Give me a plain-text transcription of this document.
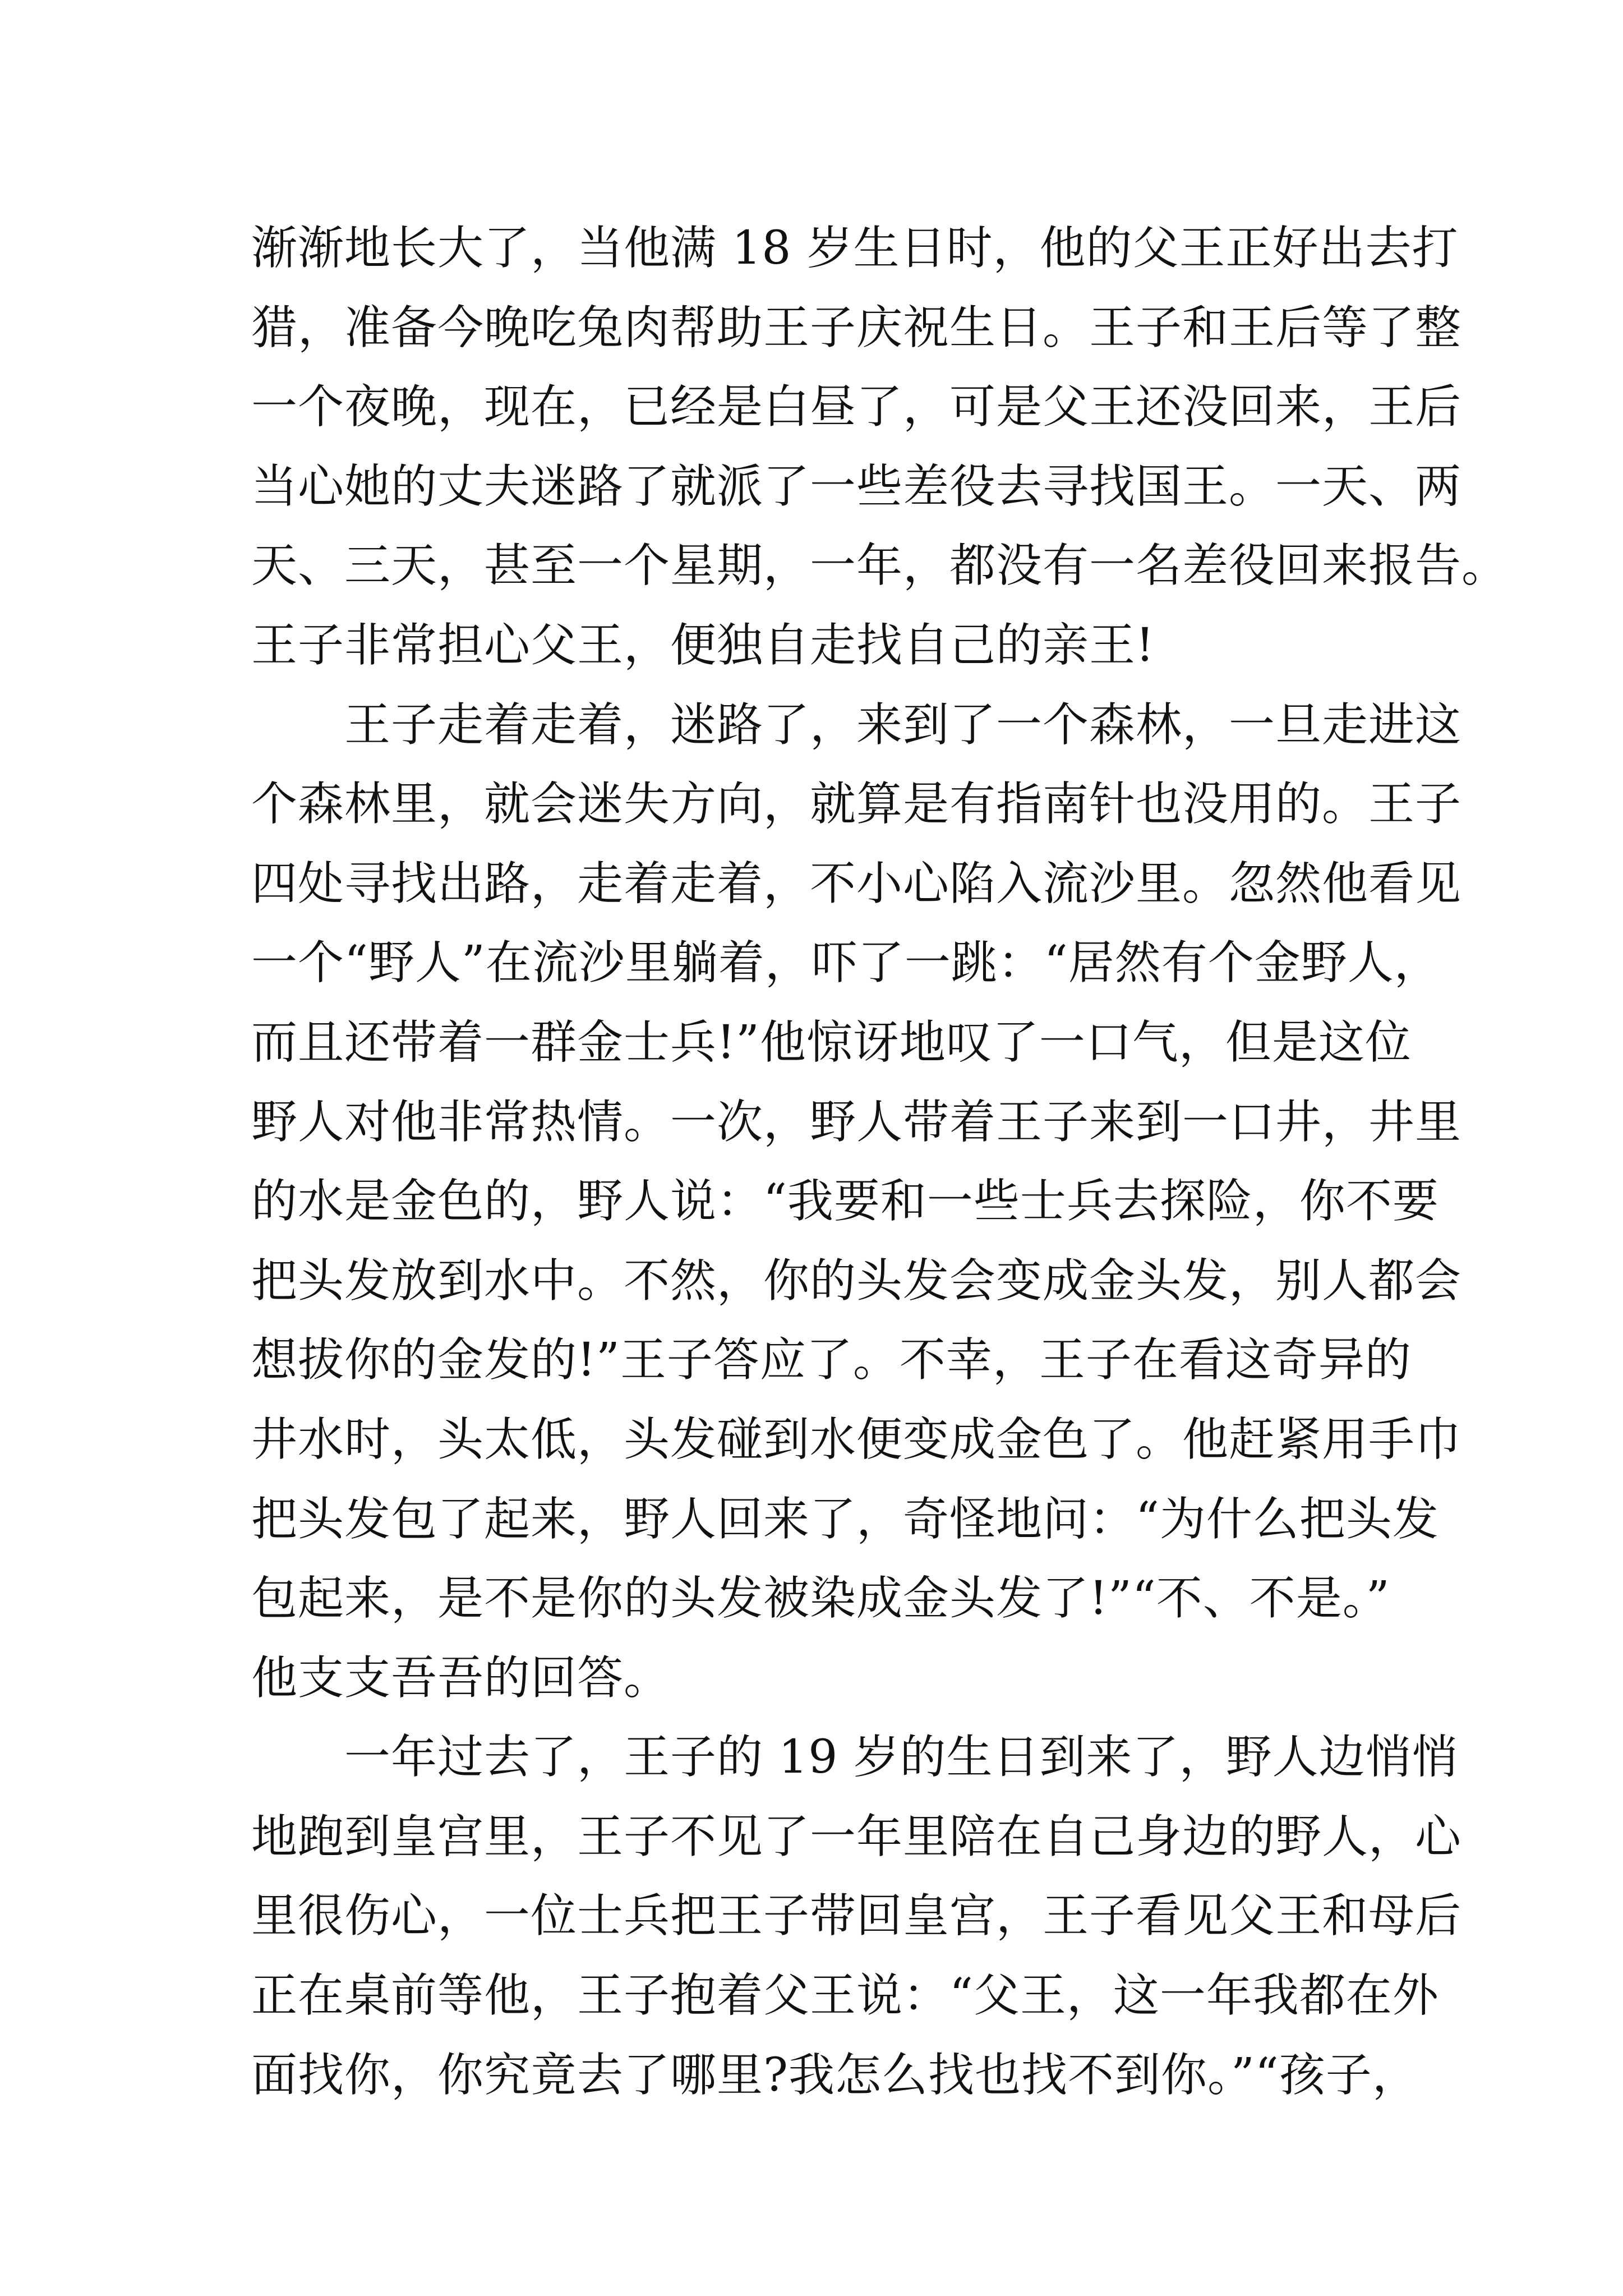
渐渐地长大了，当他满 18 岁生日时，他的父王正好出去打
猎，准备今晚吃兔肉帮助王子庆祝生日。王子和王后等了整
一个夜晚，现在，已经是白昼了，可是父王还没回来，王后
当心她的丈夫迷路了就派了一些差役去寻找国王。一天、两
天、三天，甚至一个星期，一年，都没有一名差役回来报告。
王子非常担心父王，便独自走找自己的亲王!
　　王子走着走着，迷路了，来到了一个森林，一旦走进这
个森林里，就会迷失方向，就算是有指南针也没用的。王子
四处寻找出路，走着走着，不小心陷入流沙里。忽然他看见
一个“野人”在流沙里躺着，吓了一跳：“居然有个金野人，
而且还带着一群金士兵!”他惊讶地叹了一口气，但是这位
野人对他非常热情。一次，野人带着王子来到一口井，井里
的水是金色的，野人说：“我要和一些士兵去探险，你不要
把头发放到水中。不然，你的头发会变成金头发，别人都会
想拔你的金发的!”王子答应了。不幸，王子在看这奇异的
井水时，头太低，头发碰到水便变成金色了。他赶紧用手巾
把头发包了起来，野人回来了，奇怪地问：“为什么把头发
包起来，是不是你的头发被染成金头发了!”“不、不是。”
他支支吾吾的回答。
　　一年过去了，王子的 19 岁的生日到来了，野人边悄悄
地跑到皇宫里，王子不见了一年里陪在自己身边的野人，心
里很伤心，一位士兵把王子带回皇宫，王子看见父王和母后
正在桌前等他，王子抱着父王说：“父王，这一年我都在外
面找你，你究竟去了哪里?我怎么找也找不到你。”“孩子，
